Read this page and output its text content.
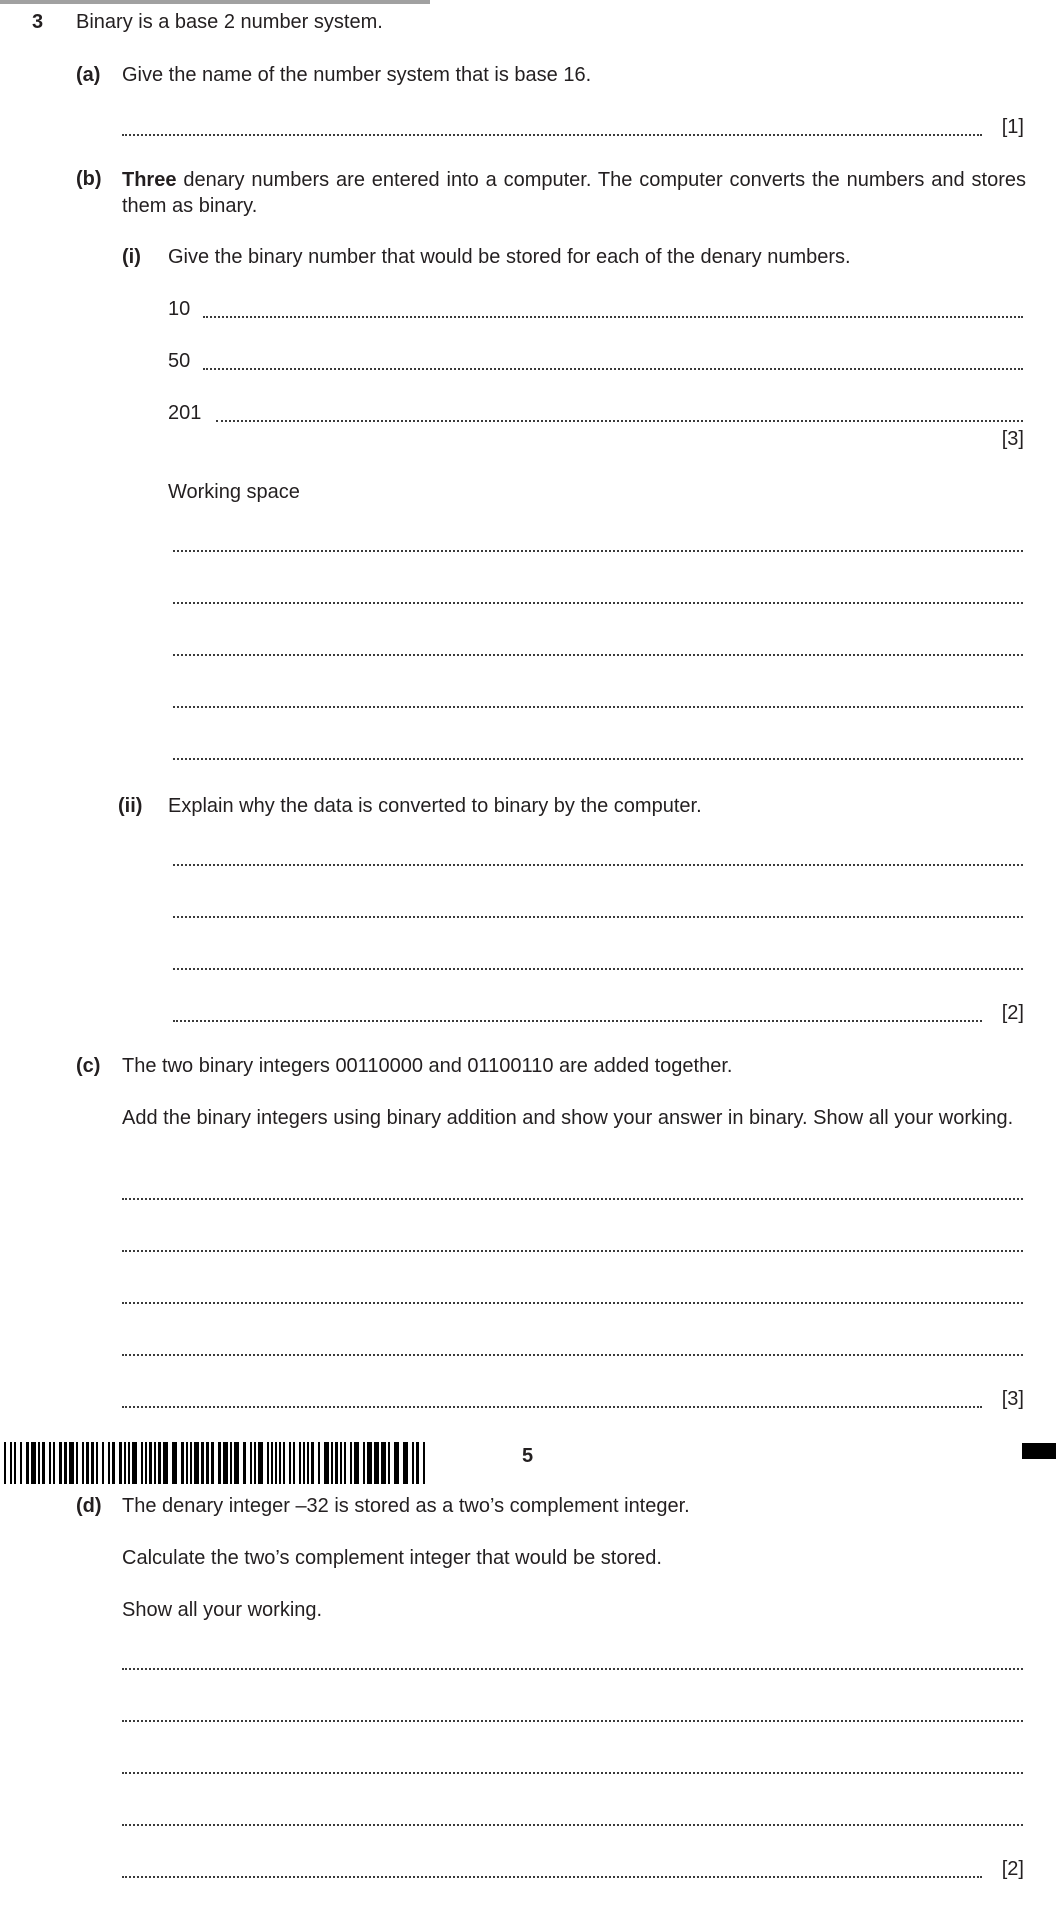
3 Binary is a base 2 number system.
(a) Give the name of the number system that is base 16.
[1]
(b) Three denary numbers are entered into a computer. The computer converts the numbers and stores them as binary.
(i) Give the binary number that would be stored for each of the denary numbers.
10
50
201
[3]
Working space
(ii) Explain why the data is converted to binary by the computer.
[2]
(c) The two binary integers 00110000 and 01100110 are added together.
Add the binary integers using binary addition and show your answer in binary. Show all your working.
[3]
5
(d) The denary integer –32 is stored as a two’s complement integer.
Calculate the two’s complement integer that would be stored.
Show all your working.
[2]
